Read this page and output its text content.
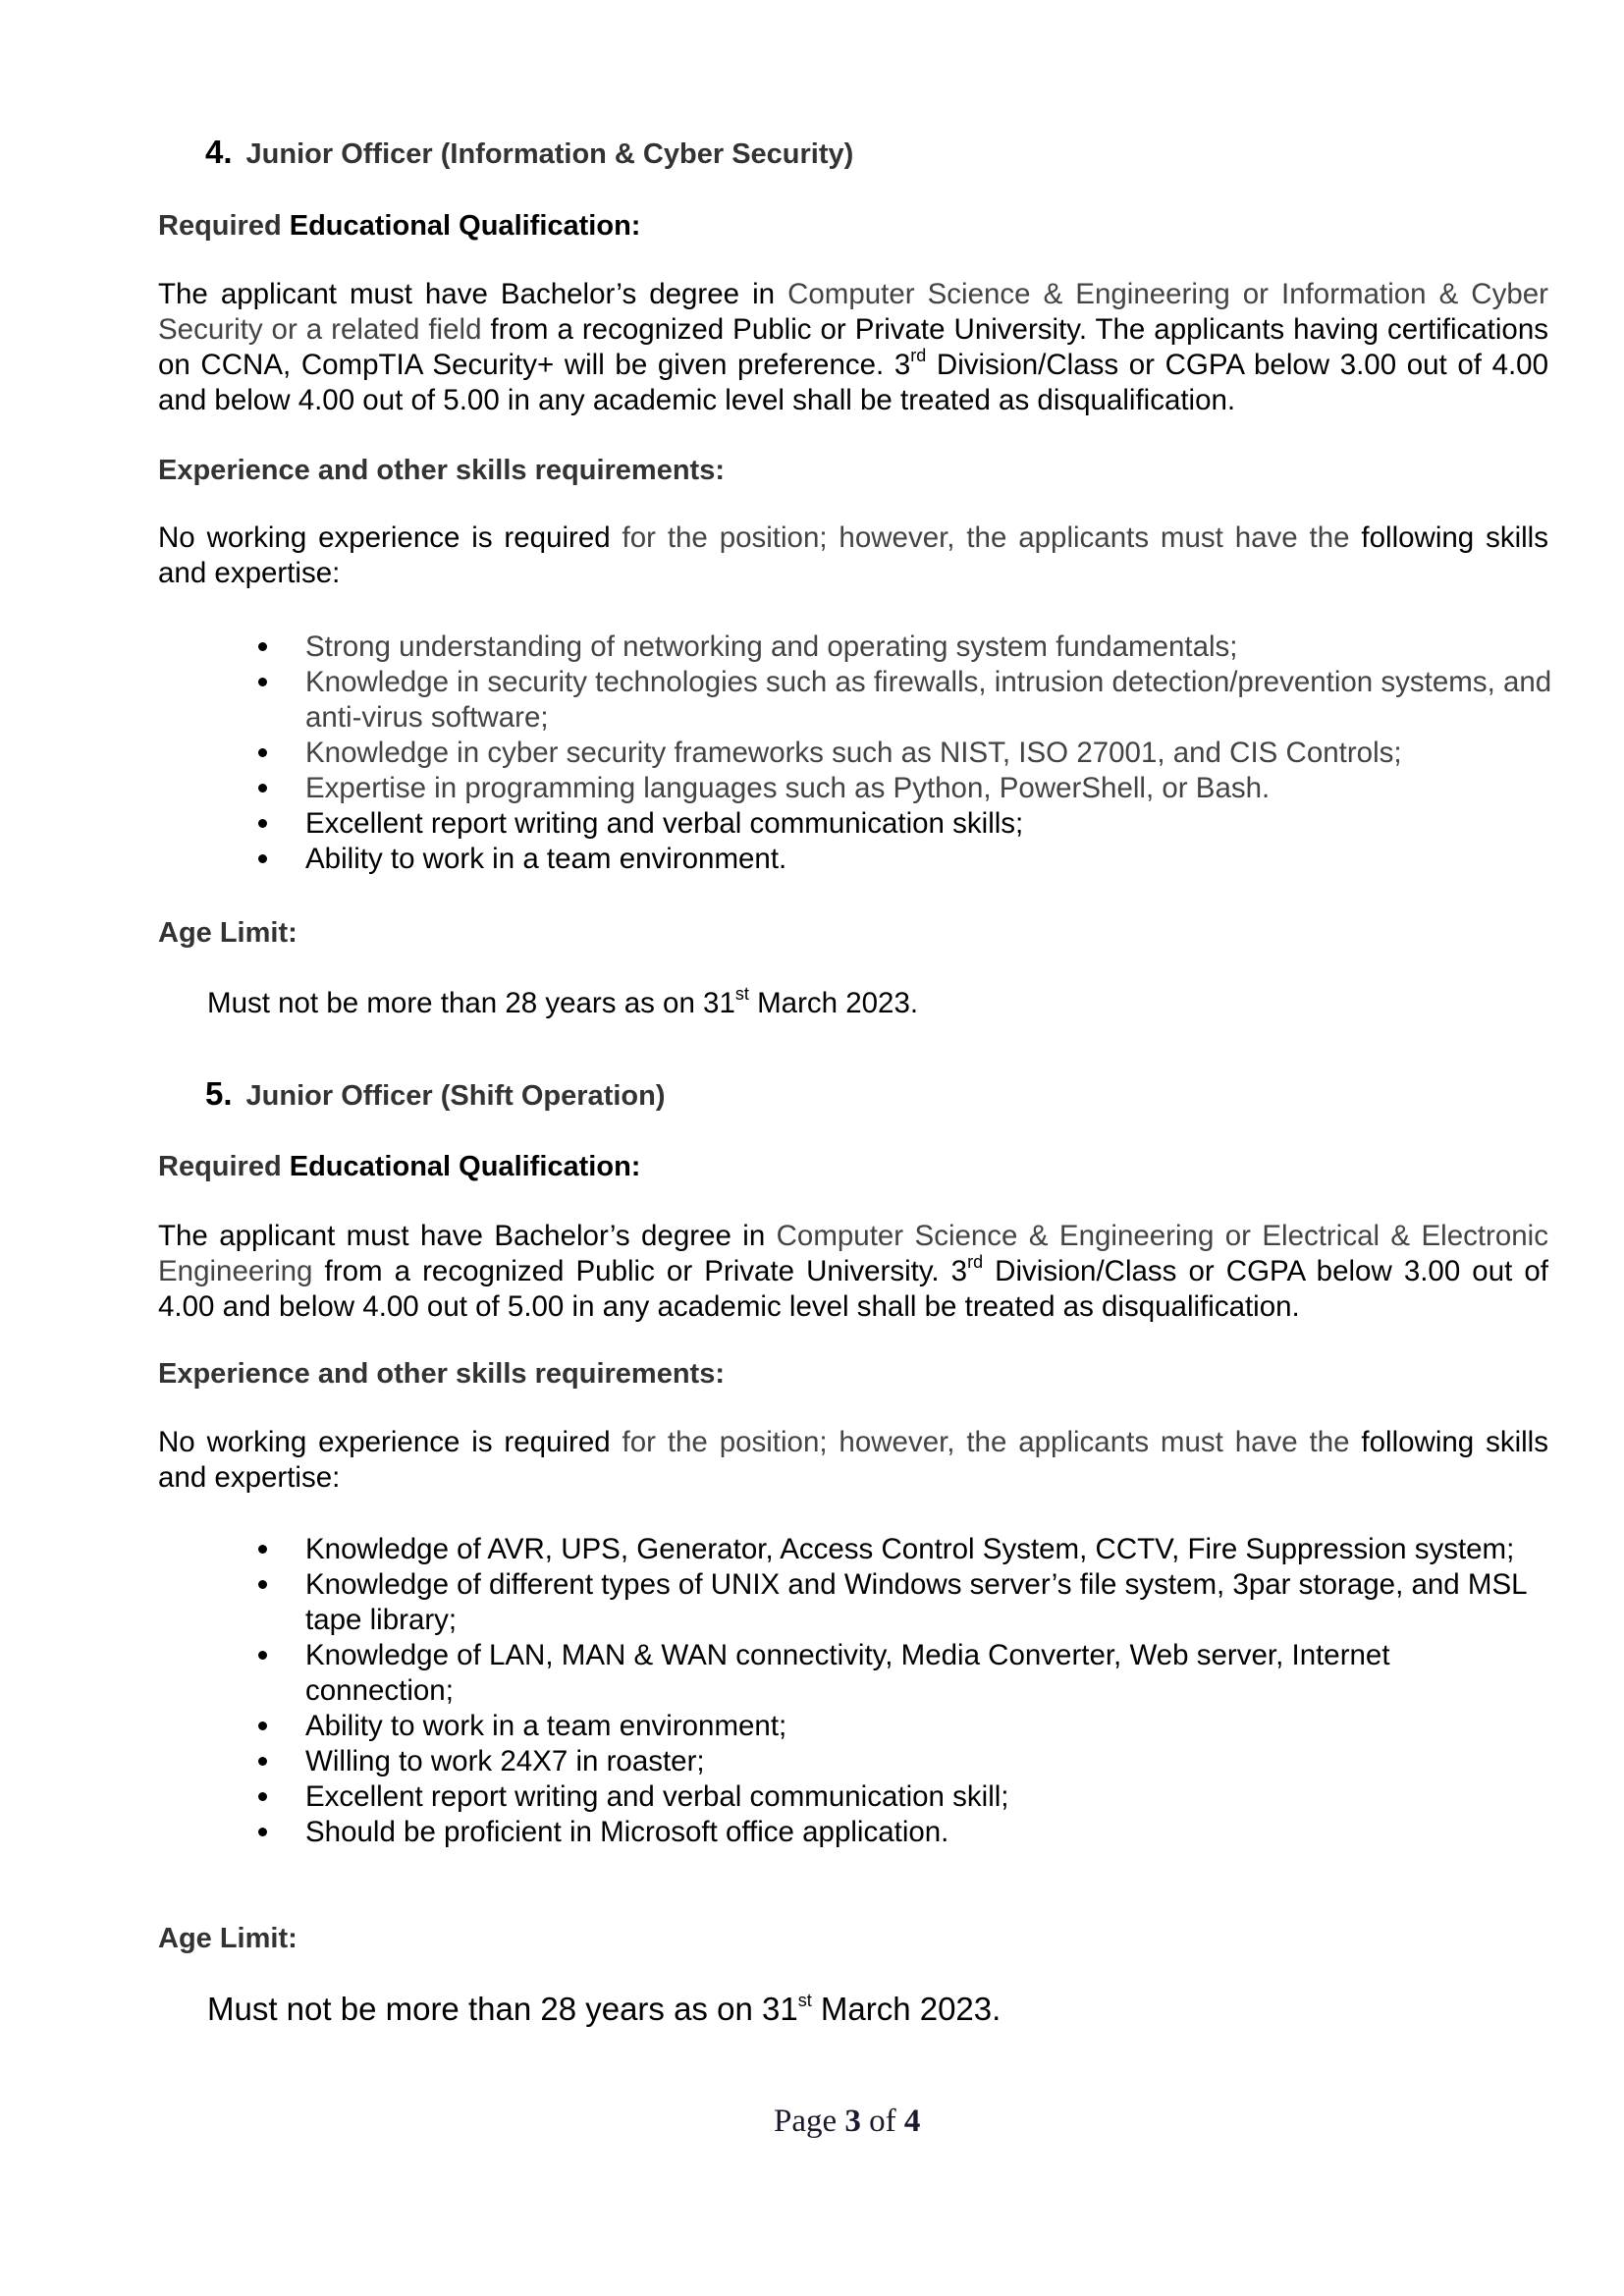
4. Junior Officer (Information & Cyber Security)
Required Educational Qualification:
The applicant must have Bachelor’s degree in Computer Science & Engineering or Information & Cyber Security or a related field from a recognized Public or Private University. The applicants having certifications on CCNA, CompTIA Security+ will be given preference. 3rd Division/Class or CGPA below 3.00 out of 4.00 and below 4.00 out of 5.00 in any academic level shall be treated as disqualification.
Experience and other skills requirements:
No working experience is required for the position; however, the applicants must have the following skills and expertise:
Strong understanding of networking and operating system fundamentals;
Knowledge in security technologies such as firewalls, intrusion detection/prevention systems, and anti-virus software;
Knowledge in cyber security frameworks such as NIST, ISO 27001, and CIS Controls;
Expertise in programming languages such as Python, PowerShell, or Bash.
Excellent report writing and verbal communication skills;
Ability to work in a team environment.
Age Limit:
Must not be more than 28 years as on 31st March 2023.
5. Junior Officer (Shift Operation)
Required Educational Qualification:
The applicant must have Bachelor’s degree in Computer Science & Engineering or Electrical & Electronic Engineering from a recognized Public or Private University. 3rd Division/Class or CGPA below 3.00 out of 4.00 and below 4.00 out of 5.00 in any academic level shall be treated as disqualification.
Experience and other skills requirements:
No working experience is required for the position; however, the applicants must have the following skills and expertise:
Knowledge of AVR, UPS, Generator, Access Control System, CCTV, Fire Suppression system;
Knowledge of different types of UNIX and Windows server’s file system, 3par storage, and MSL tape library;
Knowledge of LAN, MAN & WAN connectivity, Media Converter, Web server, Internet connection;
Ability to work in a team environment;
Willing to work 24X7 in roaster;
Excellent report writing and verbal communication skill;
Should be proficient in Microsoft office application.
Age Limit:
Must not be more than 28 years as on 31st March 2023.
Page 3 of 4
